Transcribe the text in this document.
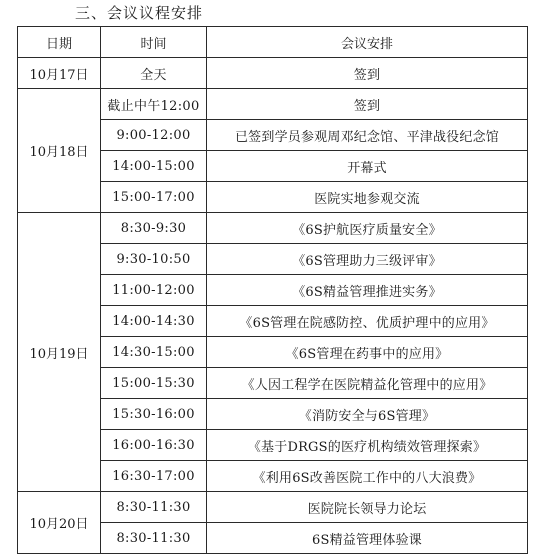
三、会议议程安排
日期	时间	会议安排
10月17日	全天	签到
10月18日	截止中午12:00	签到
	9:00-12:00	已签到学员参观周邓纪念馆、平津战役纪念馆
	14:00-15:00	开幕式
	15:00-17:00	医院实地参观交流
10月19日	8:30-9:30	《6S护航医疗质量安全》
	9:30-10:50	《6S管理助力三级评审》
	11:00-12:00	《6S精益管理推进实务》
	14:00-14:30	《6S管理在院感防控、优质护理中的应用》
	14:30-15:00	《6S管理在药事中的应用》
	15:00-15:30	《人因工程学在医院精益化管理中的应用》
	15:30-16:00	《消防安全与6S管理》
	16:00-16:30	《基于DRGS的医疗机构绩效管理探索》
	16:30-17:00	《利用6S改善医院工作中的八大浪费》
10月20日	8:30-11:30	医院院长领导力论坛
	8:30-11:30	6S精益管理体验课
